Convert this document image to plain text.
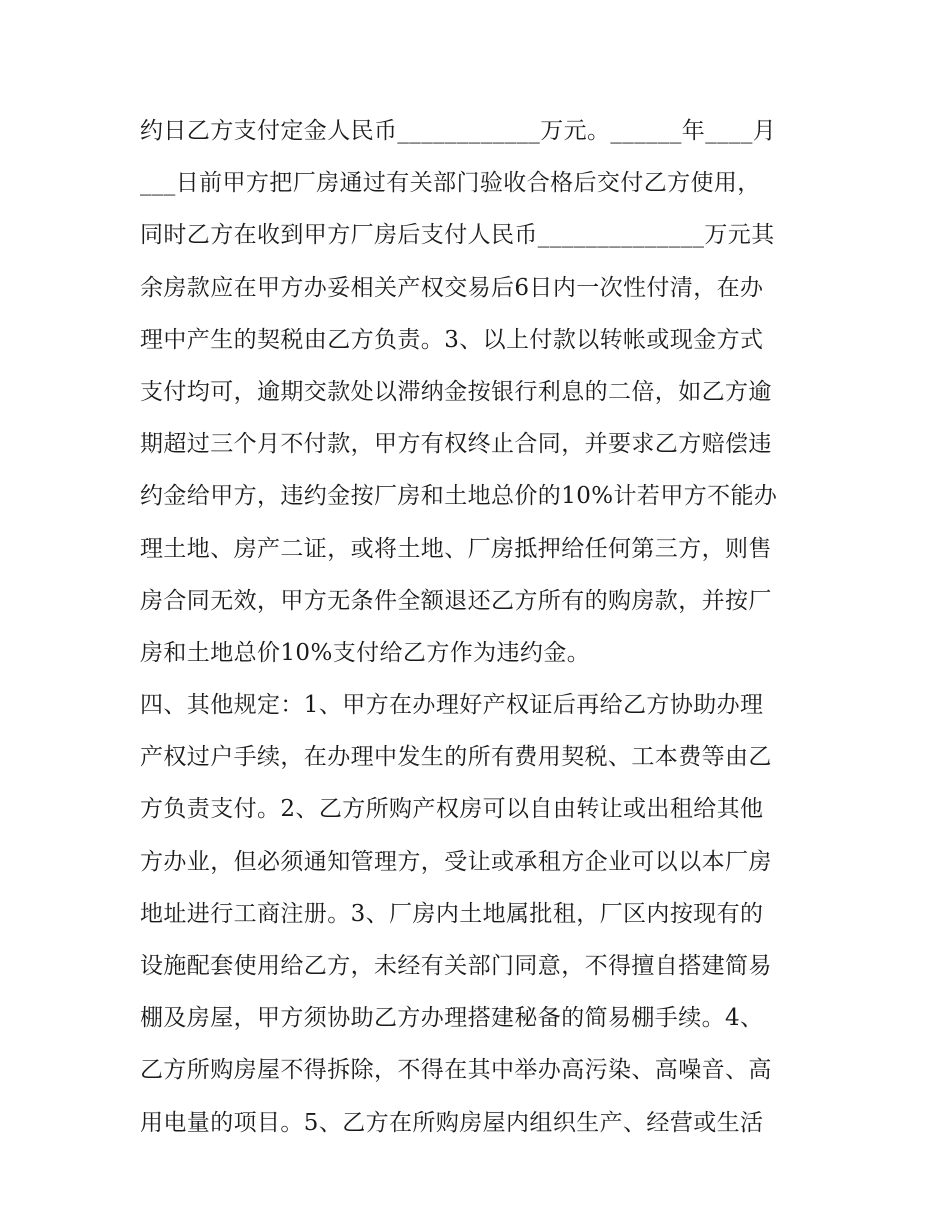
约日乙方支付定金人民币____________万元。______年____月
___日前甲方把厂房通过有关部门验收合格后交付乙方使用，
同时乙方在收到甲方厂房后支付人民币______________万元其
余房款应在甲方办妥相关产权交易后6日内一次性付清，在办
理中产生的契税由乙方负责。3、以上付款以转帐或现金方式
支付均可，逾期交款处以滞纳金按银行利息的二倍，如乙方逾
期超过三个月不付款，甲方有权终止合同，并要求乙方赔偿违
约金给甲方，违约金按厂房和土地总价的10%计若甲方不能办
理土地、房产二证，或将土地、厂房抵押给任何第三方，则售
房合同无效，甲方无条件全额退还乙方所有的购房款，并按厂
房和土地总价10%支付给乙方作为违约金。
四、其他规定：1、甲方在办理好产权证后再给乙方协助办理
产权过户手续，在办理中发生的所有费用契税、工本费等由乙
方负责支付。2、乙方所购产权房可以自由转让或出租给其他
方办业，但必须通知管理方，受让或承租方企业可以以本厂房
地址进行工商注册。3、厂房内土地属批租，厂区内按现有的
设施配套使用给乙方，未经有关部门同意，不得擅自搭建简易
棚及房屋，甲方须协助乙方办理搭建秘备的简易棚手续。4、
乙方所购房屋不得拆除，不得在其中举办高污染、高噪音、高
用电量的项目。5、乙方在所购房屋内组织生产、经营或生活
